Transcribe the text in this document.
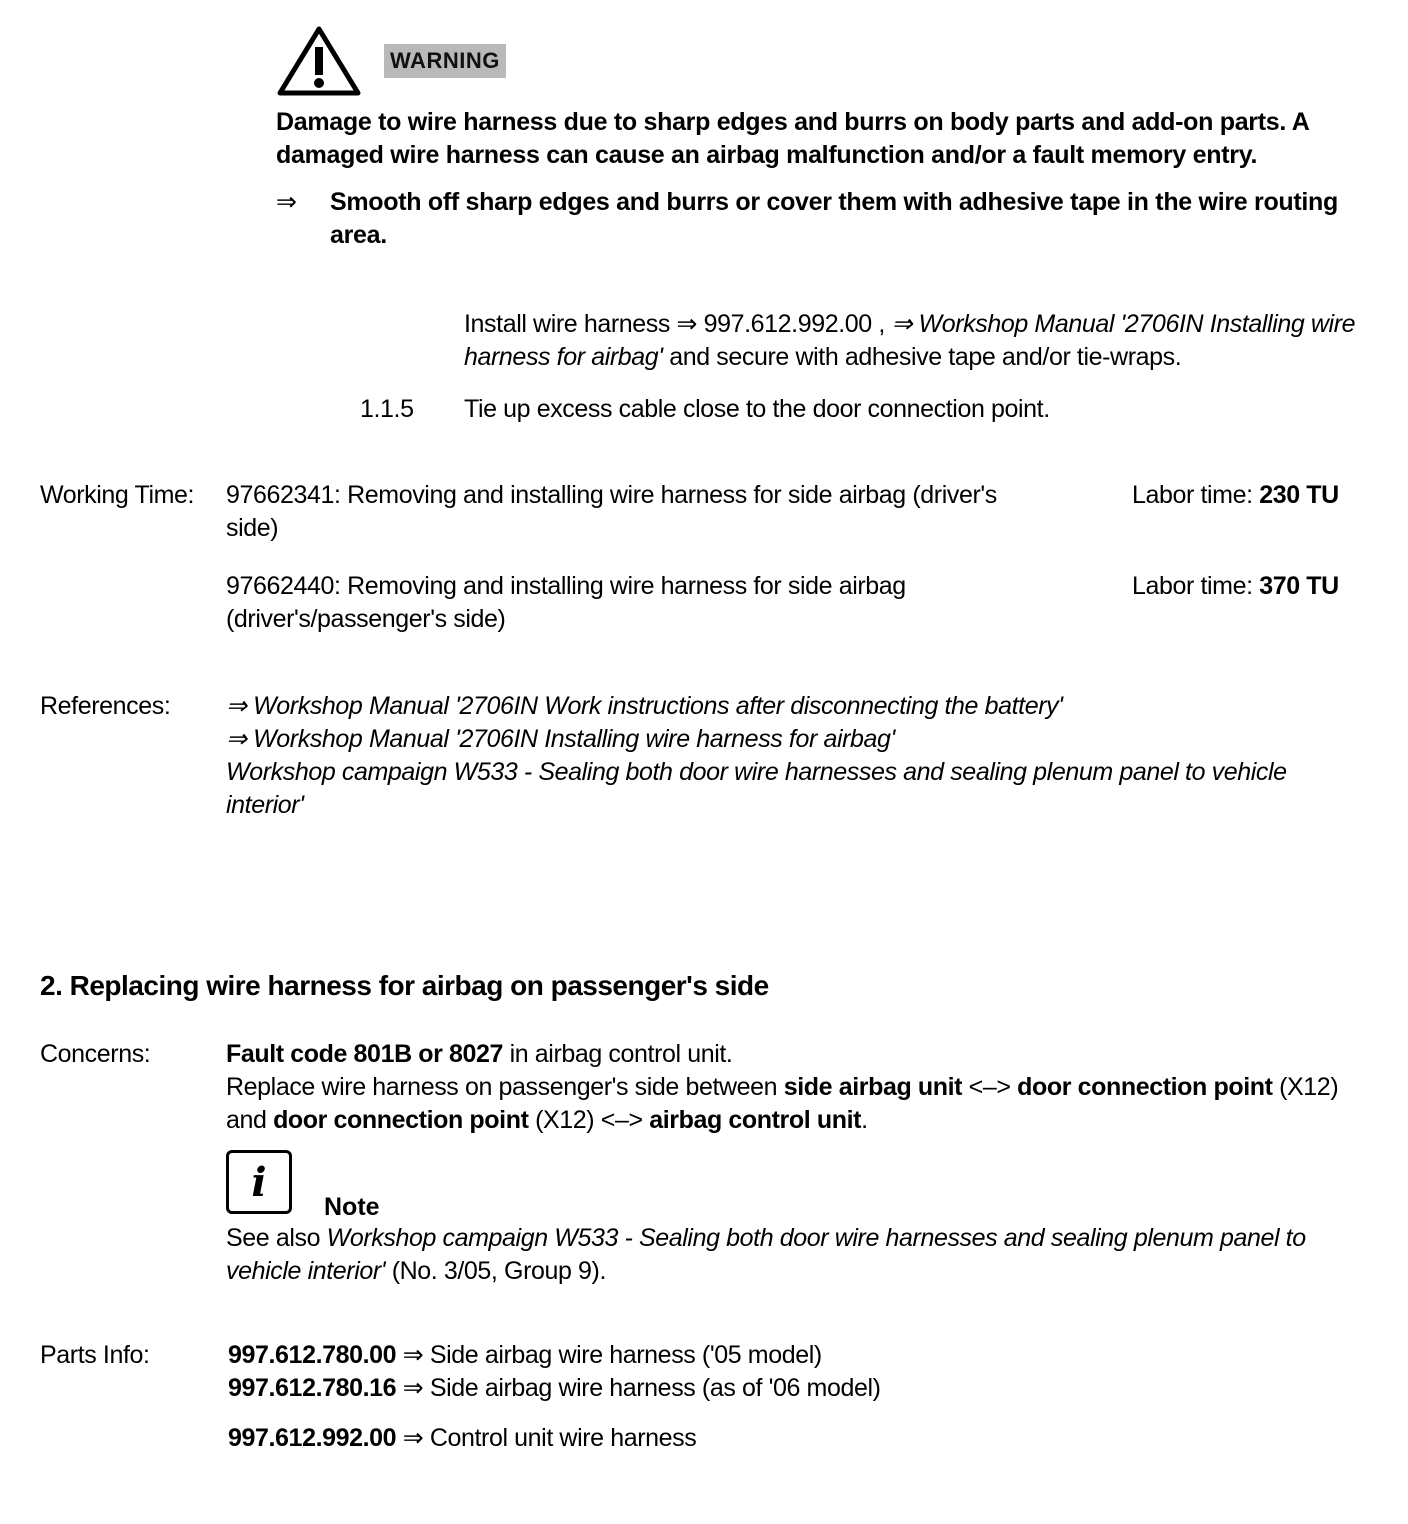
WARNING
Damage to wire harness due to sharp edges and burrs on body parts and add-on parts. A damaged wire harness can cause an airbag malfunction and/or a fault memory entry.
⇒	Smooth off sharp edges and burrs or cover them with adhesive tape in the wire routing area.
Install wire harness ⇒ 997.612.992.00 , ⇒ Workshop Manual '2706IN Installing wire harness for airbag' and secure with adhesive tape and/or tie-wraps.
1.1.5 Tie up excess cable close to the door connection point.
Working Time: 97662341: Removing and installing wire harness for side airbag (driver's side)
Labor time: 230 TU
97662440: Removing and installing wire harness for side airbag (driver's/passenger's side)
Labor time: 370 TU
References: ⇒ Workshop Manual '2706IN Work instructions after disconnecting the battery'
⇒ Workshop Manual '2706IN Installing wire harness for airbag'
Workshop campaign W533 - Sealing both door wire harnesses and sealing plenum panel to vehicle interior'
2. Replacing wire harness for airbag on passenger's side
Concerns:	Fault code 801B or 8027 in airbag control unit.
Replace wire harness on passenger's side between side airbag unit <–> door connection point (X12) and door connection point (X12) <–> airbag control unit.
i
Note
See also Workshop campaign W533 - Sealing both door wire harnesses and sealing plenum panel to vehicle interior' (No. 3/05, Group 9).
Parts Info:	997.612.780.00 ⇒ Side airbag wire harness ('05 model)
997.612.780.16 ⇒ Side airbag wire harness (as of '06 model)
997.612.992.00 ⇒ Control unit wire harness
